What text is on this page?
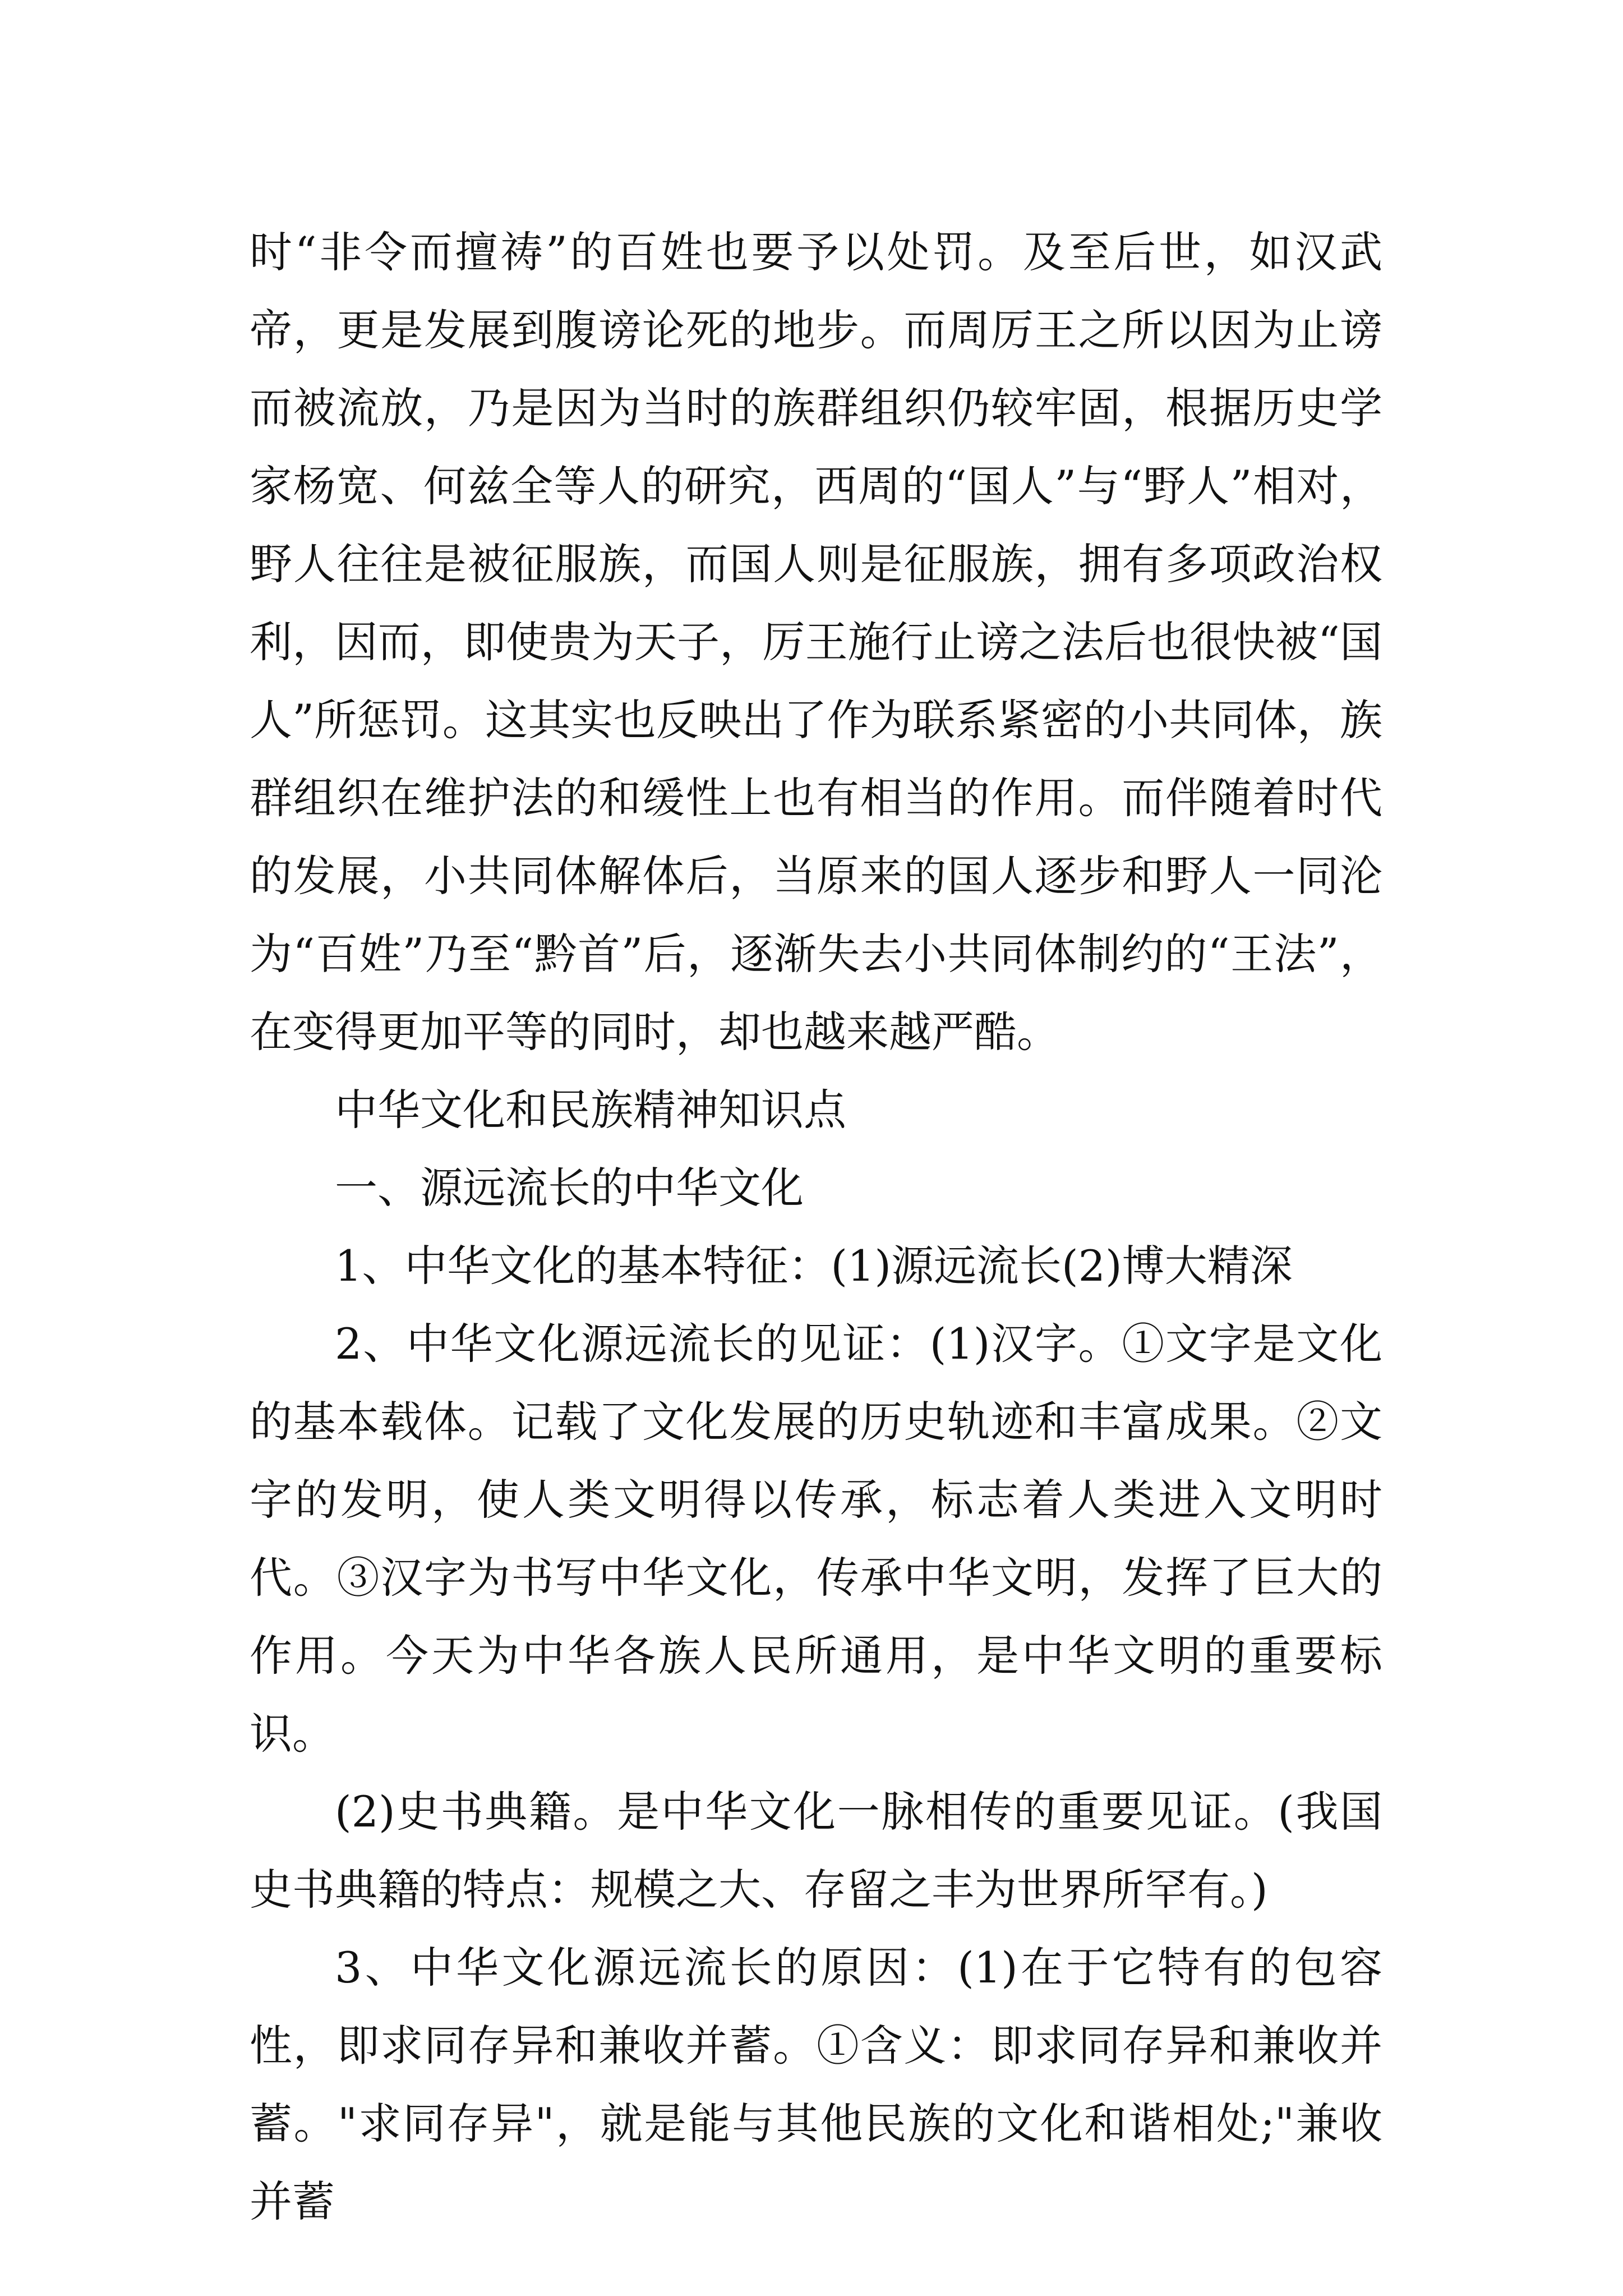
时“非令而擅祷”的百姓也要予以处罚。及至后世，如汉武帝，更是发展到腹谤论死的地步。而周厉王之所以因为止谤而被流放，乃是因为当时的族群组织仍较牢固，根据历史学家杨宽、何兹全等人的研究，西周的“国人”与“野人”相对，野人往往是被征服族，而国人则是征服族，拥有多项政治权利，因而，即使贵为天子，厉王施行止谤之法后也很快被“国人”所惩罚。这其实也反映出了作为联系紧密的小共同体，族群组织在维护法的和缓性上也有相当的作用。而伴随着时代的发展，小共同体解体后，当原来的国人逐步和野人一同沦为“百姓”乃至“黔首”后，逐渐失去小共同体制约的“王法”，在变得更加平等的同时，却也越来越严酷。

中华文化和民族精神知识点

一、源远流长的中华文化

1、中华文化的基本特征：(1)源远流长(2)博大精深

2、中华文化源远流长的见证：(1)汉字。①文字是文化的基本载体。记载了文化发展的历史轨迹和丰富成果。②文字的发明，使人类文明得以传承，标志着人类进入文明时代。③汉字为书写中华文化，传承中华文明，发挥了巨大的作用。今天为中华各族人民所通用，是中华文明的重要标识。

(2)史书典籍。是中华文化一脉相传的重要见证。(我国史书典籍的特点：规模之大、存留之丰为世界所罕有。)

3、中华文化源远流长的原因：(1)在于它特有的包容性，即求同存异和兼收并蓄。①含义：即求同存异和兼收并蓄。"求同存异"，就是能与其他民族的文化和谐相处;"兼收并蓄
